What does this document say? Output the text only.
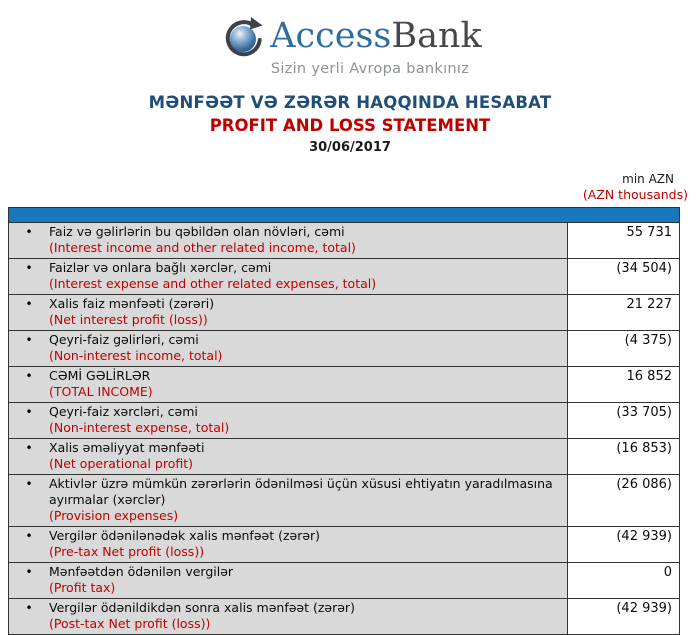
AccessBank
Sizin yerli Avropa bankınız
MƏNFƏƏT VƏ ZƏRƏR HAQQINDA HESABAT
PROFIT AND LOSS STATEMENT
30/06/2017
min AZN
(AZN thousands)

•
Faiz və gəlirlərin bu qəbildən olan növləri, cəmi
(Interest income and other related income, total)	55 731

•
Faizlər və onlara bağlı xərclər, cəmi
(Interest expense and other related expenses, total)	(34 504)

•
Xalis faiz mənfəəti (zərəri)
(Net interest profit (loss))	21 227

•
Qeyri-faiz gəlirləri, cəmi
(Non-interest income, total)	(4 375)

•
CƏMİ GƏLİRLƏR
(TOTAL INCOME)	16 852

•
Qeyri-faiz xərcləri, cəmi
(Non-interest expense, total)	(33 705)

•
Xalis əməliyyat mənfəəti
(Net operational profit)	(16 853)

•
Aktivlər üzrə mümkün zərərlərin ödənilməsi üçün xüsusi ehtiyatın yaradılmasına ayırmalar (xərclər)
(Provision expenses)	(26 086)

•
Vergilər ödənilənədək xalis mənfəət (zərər)
(Pre-tax Net profit (loss))	(42 939)

•
Mənfəətdən ödənilən vergilər
(Profit tax)	0

•
Vergilər ödənildikdən sonra xalis mənfəət (zərər)
(Post-tax Net profit (loss))	(42 939)
